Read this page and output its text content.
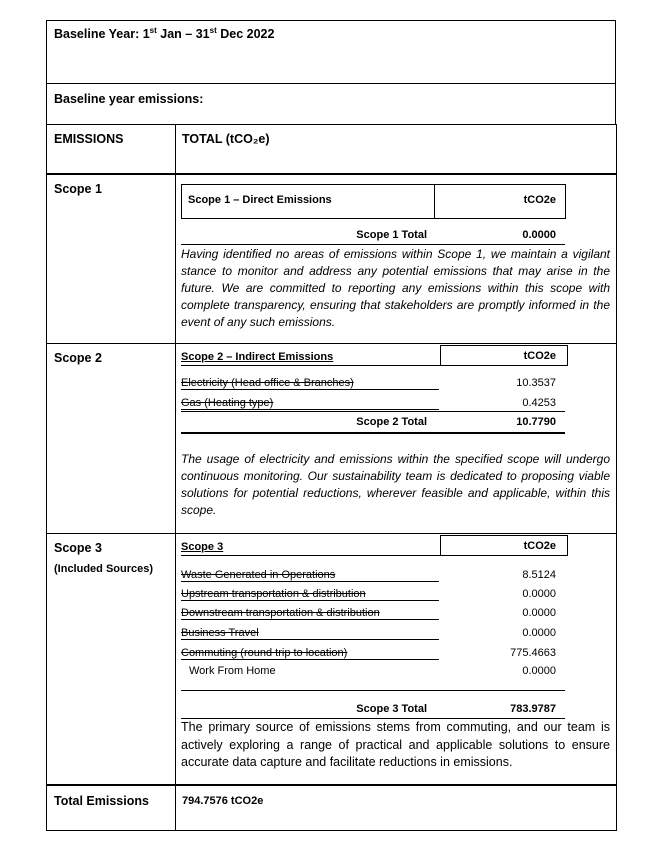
Baseline Year: 1st Jan – 31st Dec 2022
Baseline year emissions:
EMISSIONS	TOTAL (tCO₂e)
Scope 1
Scope 1 – Direct Emissions	tCO2e
Scope 1 Total	0.0000
Having identified no areas of emissions within Scope 1, we maintain a vigilant stance to monitor and address any potential emissions that may arise in the future. We are committed to reporting any emissions within this scope with complete transparency, ensuring that stakeholders are promptly informed in the event of any such emissions.
Scope 2	Scope 2 – Indirect Emissions	tCO2e
Electricity (Head office & Branches)	10.3537
Gas (Heating type)	0.4253
Scope 2 Total	10.7790
The usage of electricity and emissions within the specified scope will undergo continuous monitoring. Our sustainability team is dedicated to proposing viable solutions for potential reductions, wherever feasible and applicable, within this scope.
Scope 3
(Included Sources)
Scope 3	tCO2e
Waste Generated in Operations	8.5124
Upstream transportation & distribution	0.0000
Downstream transportation & distribution	0.0000
Business Travel	0.0000
Commuting (round trip to location)	775.4663
Work From Home	0.0000
Scope 3 Total	783.9787
The primary source of emissions stems from commuting, and our team is actively exploring a range of practical and applicable solutions to ensure accurate data capture and facilitate reductions in emissions.
Total Emissions	794.7576 tCO2e
